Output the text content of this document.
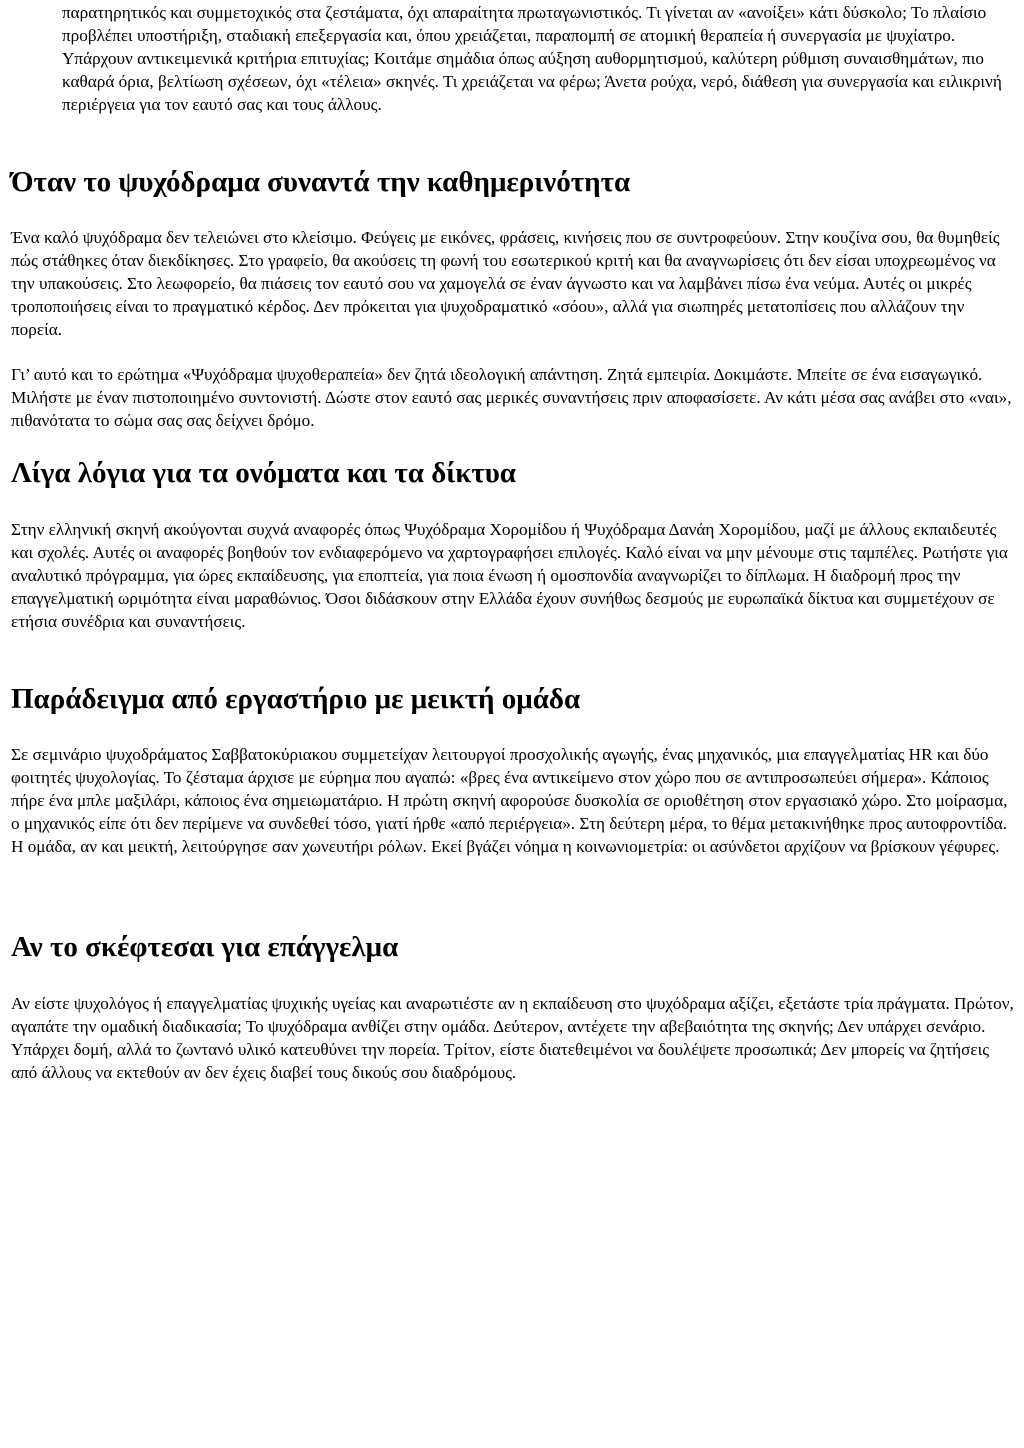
παρατηρητικός και συμμετοχικός στα ζεστάματα, όχι απαραίτητα πρωταγωνιστικός. Τι γίνεται αν «ανοίξει» κάτι δύσκολο; Το πλαίσιο προβλέπει υποστήριξη, σταδιακή επεξεργασία και, όπου χρειάζεται, παραπομπή σε ατομική θεραπεία ή συνεργασία με ψυχίατρο. Υπάρχουν αντικειμενικά κριτήρια επιτυχίας; Κοιτάμε σημάδια όπως αύξηση αυθορμητισμού, καλύτερη ρύθμιση συναισθημάτων, πιο καθαρά όρια, βελτίωση σχέσεων, όχι «τέλεια» σκηνές. Τι χρειάζεται να φέρω; Άνετα ρούχα, νερό, διάθεση για συνεργασία και ειλικρινή περιέργεια για τον εαυτό σας και τους άλλους.

Όταν το ψυχόδραμα συναντά την καθημερινότητα

Ένα καλό ψυχόδραμα δεν τελειώνει στο κλείσιμο. Φεύγεις με εικόνες, φράσεις, κινήσεις που σε συντροφεύουν. Στην κουζίνα σου, θα θυμηθείς πώς στάθηκες όταν διεκδίκησες. Στο γραφείο, θα ακούσεις τη φωνή του εσωτερικού κριτή και θα αναγνωρίσεις ότι δεν είσαι υποχρεωμένος να την υπακούσεις. Στο λεωφορείο, θα πιάσεις τον εαυτό σου να χαμογελά σε έναν άγνωστο και να λαμβάνει πίσω ένα νεύμα. Αυτές οι μικρές τροποποιήσεις είναι το πραγματικό κέρδος. Δεν πρόκειται για ψυχοδραματικό «σόου», αλλά για σιωπηρές μετατοπίσεις που αλλάζουν την πορεία.

Γι’ αυτό και το ερώτημα «Ψυχόδραμα ψυχοθεραπεία» δεν ζητά ιδεολογική απάντηση. Ζητά εμπειρία. Δοκιμάστε. Μπείτε σε ένα εισαγωγικό. Μιλήστε με έναν πιστοποιημένο συντονιστή. Δώστε στον εαυτό σας μερικές συναντήσεις πριν αποφασίσετε. Αν κάτι μέσα σας ανάβει στο «ναι», πιθανότατα το σώμα σας σας δείχνει δρόμο.

Λίγα λόγια για τα ονόματα και τα δίκτυα

Στην ελληνική σκηνή ακούγονται συχνά αναφορές όπως Ψυχόδραμα Χορομίδου ή Ψυχόδραμα Δανάη Χορομίδου, μαζί με άλλους εκπαιδευτές και σχολές. Αυτές οι αναφορές βοηθούν τον ενδιαφερόμενο να χαρτογραφήσει επιλογές. Καλό είναι να μην μένουμε στις ταμπέλες. Ρωτήστε για αναλυτικό πρόγραμμα, για ώρες εκπαίδευσης, για εποπτεία, για ποια ένωση ή ομοσπονδία αναγνωρίζει το δίπλωμα. Η διαδρομή προς την επαγγελματική ωριμότητα είναι μαραθώνιος. Όσοι διδάσκουν στην Ελλάδα έχουν συνήθως δεσμούς με ευρωπαϊκά δίκτυα και συμμετέχουν σε ετήσια συνέδρια και συναντήσεις.

Παράδειγμα από εργαστήριο με μεικτή ομάδα

Σε σεμινάριο ψυχοδράματος Σαββατοκύριακου συμμετείχαν λειτουργοί προσχολικής αγωγής, ένας μηχανικός, μια επαγγελματίας HR και δύο φοιτητές ψυχολογίας. Το ζέσταμα άρχισε με εύρημα που αγαπώ: «βρες ένα αντικείμενο στον χώρο που σε αντιπροσωπεύει σήμερα». Κάποιος πήρε ένα μπλε μαξιλάρι, κάποιος ένα σημειωματάριο. Η πρώτη σκηνή αφορούσε δυσκολία σε οριοθέτηση στον εργασιακό χώρο. Στο μοίρασμα, ο μηχανικός είπε ότι δεν περίμενε να συνδεθεί τόσο, γιατί ήρθε «από περιέργεια». Στη δεύτερη μέρα, το θέμα μετακινήθηκε προς αυτοφροντίδα. Η ομάδα, αν και μεικτή, λειτούργησε σαν χωνευτήρι ρόλων. Εκεί βγάζει νόημα η κοινωνιομετρία: οι ασύνδετοι αρχίζουν να βρίσκουν γέφυρες.

Αν το σκέφτεσαι για επάγγελμα

Αν είστε ψυχολόγος ή επαγγελματίας ψυχικής υγείας και αναρωτιέστε αν η εκπαίδευση στο ψυχόδραμα αξίζει, εξετάστε τρία πράγματα. Πρώτον, αγαπάτε την ομαδική διαδικασία; Το ψυχόδραμα ανθίζει στην ομάδα. Δεύτερον, αντέχετε την αβεβαιότητα της σκηνής; Δεν υπάρχει σενάριο. Υπάρχει δομή, αλλά το ζωντανό υλικό κατευθύνει την πορεία. Τρίτον, είστε διατεθειμένοι να δουλέψετε προσωπικά; Δεν μπορείς να ζητήσεις από άλλους να εκτεθούν αν δεν έχεις διαβεί τους δικούς σου διαδρόμους.
